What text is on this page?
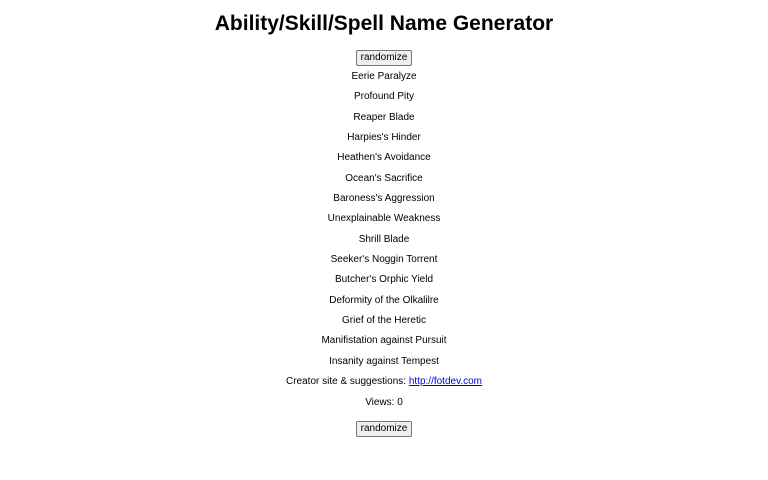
Ability/Skill/Spell Name Generator
randomize
Eerie Paralyze
Profound Pity
Reaper Blade
Harpies's Hinder
Heathen's Avoidance
Ocean's Sacrifice
Baroness's Aggression
Unexplainable Weakness
Shrill Blade
Seeker's Noggin Torrent
Butcher's Orphic Yield
Deformity of the Olkalilre
Grief of the Heretic
Manifistation against Pursuit
Insanity against Tempest
Creator site & suggestions: http://fotdev.com
Views: 0
randomize
